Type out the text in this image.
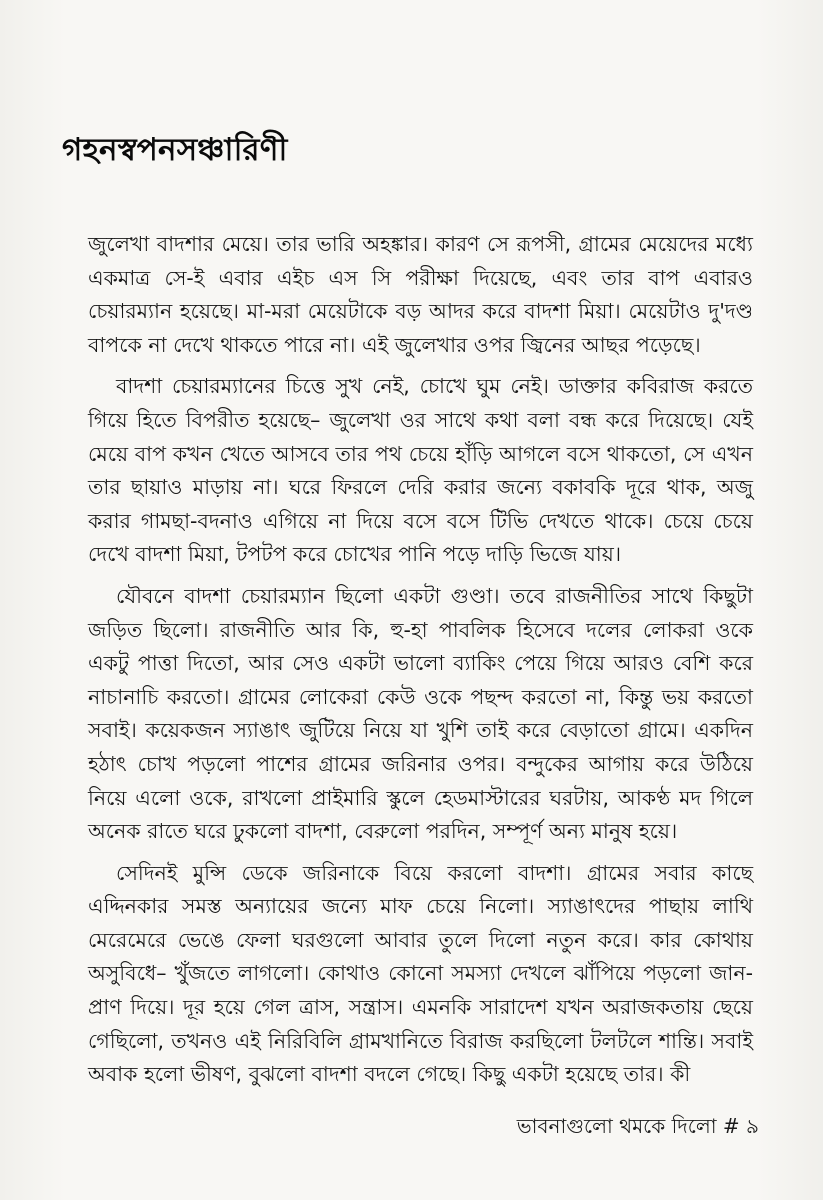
গহনস্বপনসঞ্চারিণী

জুলেখা বাদশার মেয়ে। তার ভারি অহঙ্কার। কারণ সে রূপসী, গ্রামের মেয়েদের মধ্যে একমাত্র সে-ই এবার এইচ এস সি পরীক্ষা দিয়েছে, এবং তার বাপ এবারও চেয়ারম্যান হয়েছে। মা-মরা মেয়েটাকে বড় আদর করে বাদশা মিয়া। মেয়েটাও দু'দণ্ড বাপকে না দেখে থাকতে পারে না। এই জুলেখার ওপর জ্বিনের আছর পড়েছে।

বাদশা চেয়ারম্যানের চিত্তে সুখ নেই, চোখে ঘুম নেই। ডাক্তার কবিরাজ করতে গিয়ে হিতে বিপরীত হয়েছে– জুলেখা ওর সাথে কথা বলা বন্ধ করে দিয়েছে। যেই মেয়ে বাপ কখন খেতে আসবে তার পথ চেয়ে হাঁড়ি আগলে বসে থাকতো, সে এখন তার ছায়াও মাড়ায় না। ঘরে ফিরলে দেরি করার জন্যে বকাবকি দূরে থাক, অজু করার গামছা-বদনাও এগিয়ে না দিয়ে বসে বসে টিভি দেখতে থাকে। চেয়ে চেয়ে দেখে বাদশা মিয়া, টপটপ করে চোখের পানি পড়ে দাড়ি ভিজে যায়।

যৌবনে বাদশা চেয়ারম্যান ছিলো একটা গুণ্ডা। তবে রাজনীতির সাথে কিছুটা জড়িত ছিলো। রাজনীতি আর কি, হু-হা পাবলিক হিসেবে দলের লোকরা ওকে একটু পাত্তা দিতো, আর সেও একটা ভালো ব্যাকিং পেয়ে গিয়ে আরও বেশি করে নাচানাচি করতো। গ্রামের লোকেরা কেউ ওকে পছন্দ করতো না, কিন্তু ভয় করতো সবাই। কয়েকজন স্যাঙাৎ জুটিয়ে নিয়ে যা খুশি তাই করে বেড়াতো গ্রামে। একদিন হঠাৎ চোখ পড়লো পাশের গ্রামের জরিনার ওপর। বন্দুকের আগায় করে উঠিয়ে নিয়ে এলো ওকে, রাখলো প্রাইমারি স্কুলে হেডমাস্টারের ঘরটায়, আকণ্ঠ মদ গিলে অনেক রাতে ঘরে ঢুকলো বাদশা, বেরুলো পরদিন, সম্পূর্ণ অন্য মানুষ হয়ে।

সেদিনই মুন্সি ডেকে জরিনাকে বিয়ে করলো বাদশা। গ্রামের সবার কাছে এদ্দিনকার সমস্ত অন্যায়ের জন্যে মাফ চেয়ে নিলো। স্যাঙাৎদের পাছায় লাথি মেরেমেরে ভেঙে ফেলা ঘরগুলো আবার তুলে দিলো নতুন করে। কার কোথায় অসুবিধে– খুঁজতে লাগলো। কোথাও কোনো সমস্যা দেখলে ঝাঁপিয়ে পড়লো জান-প্রাণ দিয়ে। দূর হয়ে গেল ত্রাস, সন্ত্রাস। এমনকি সারাদেশ যখন অরাজকতায় ছেয়ে গেছিলো, তখনও এই নিরিবিলি গ্রামখানিতে বিরাজ করছিলো টলটলে শান্তি। সবাই অবাক হলো ভীষণ, বুঝলো বাদশা বদলে গেছে। কিছু একটা হয়েছে তার। কী

ভাবনাগুলো থমকে দিলো # ৯
